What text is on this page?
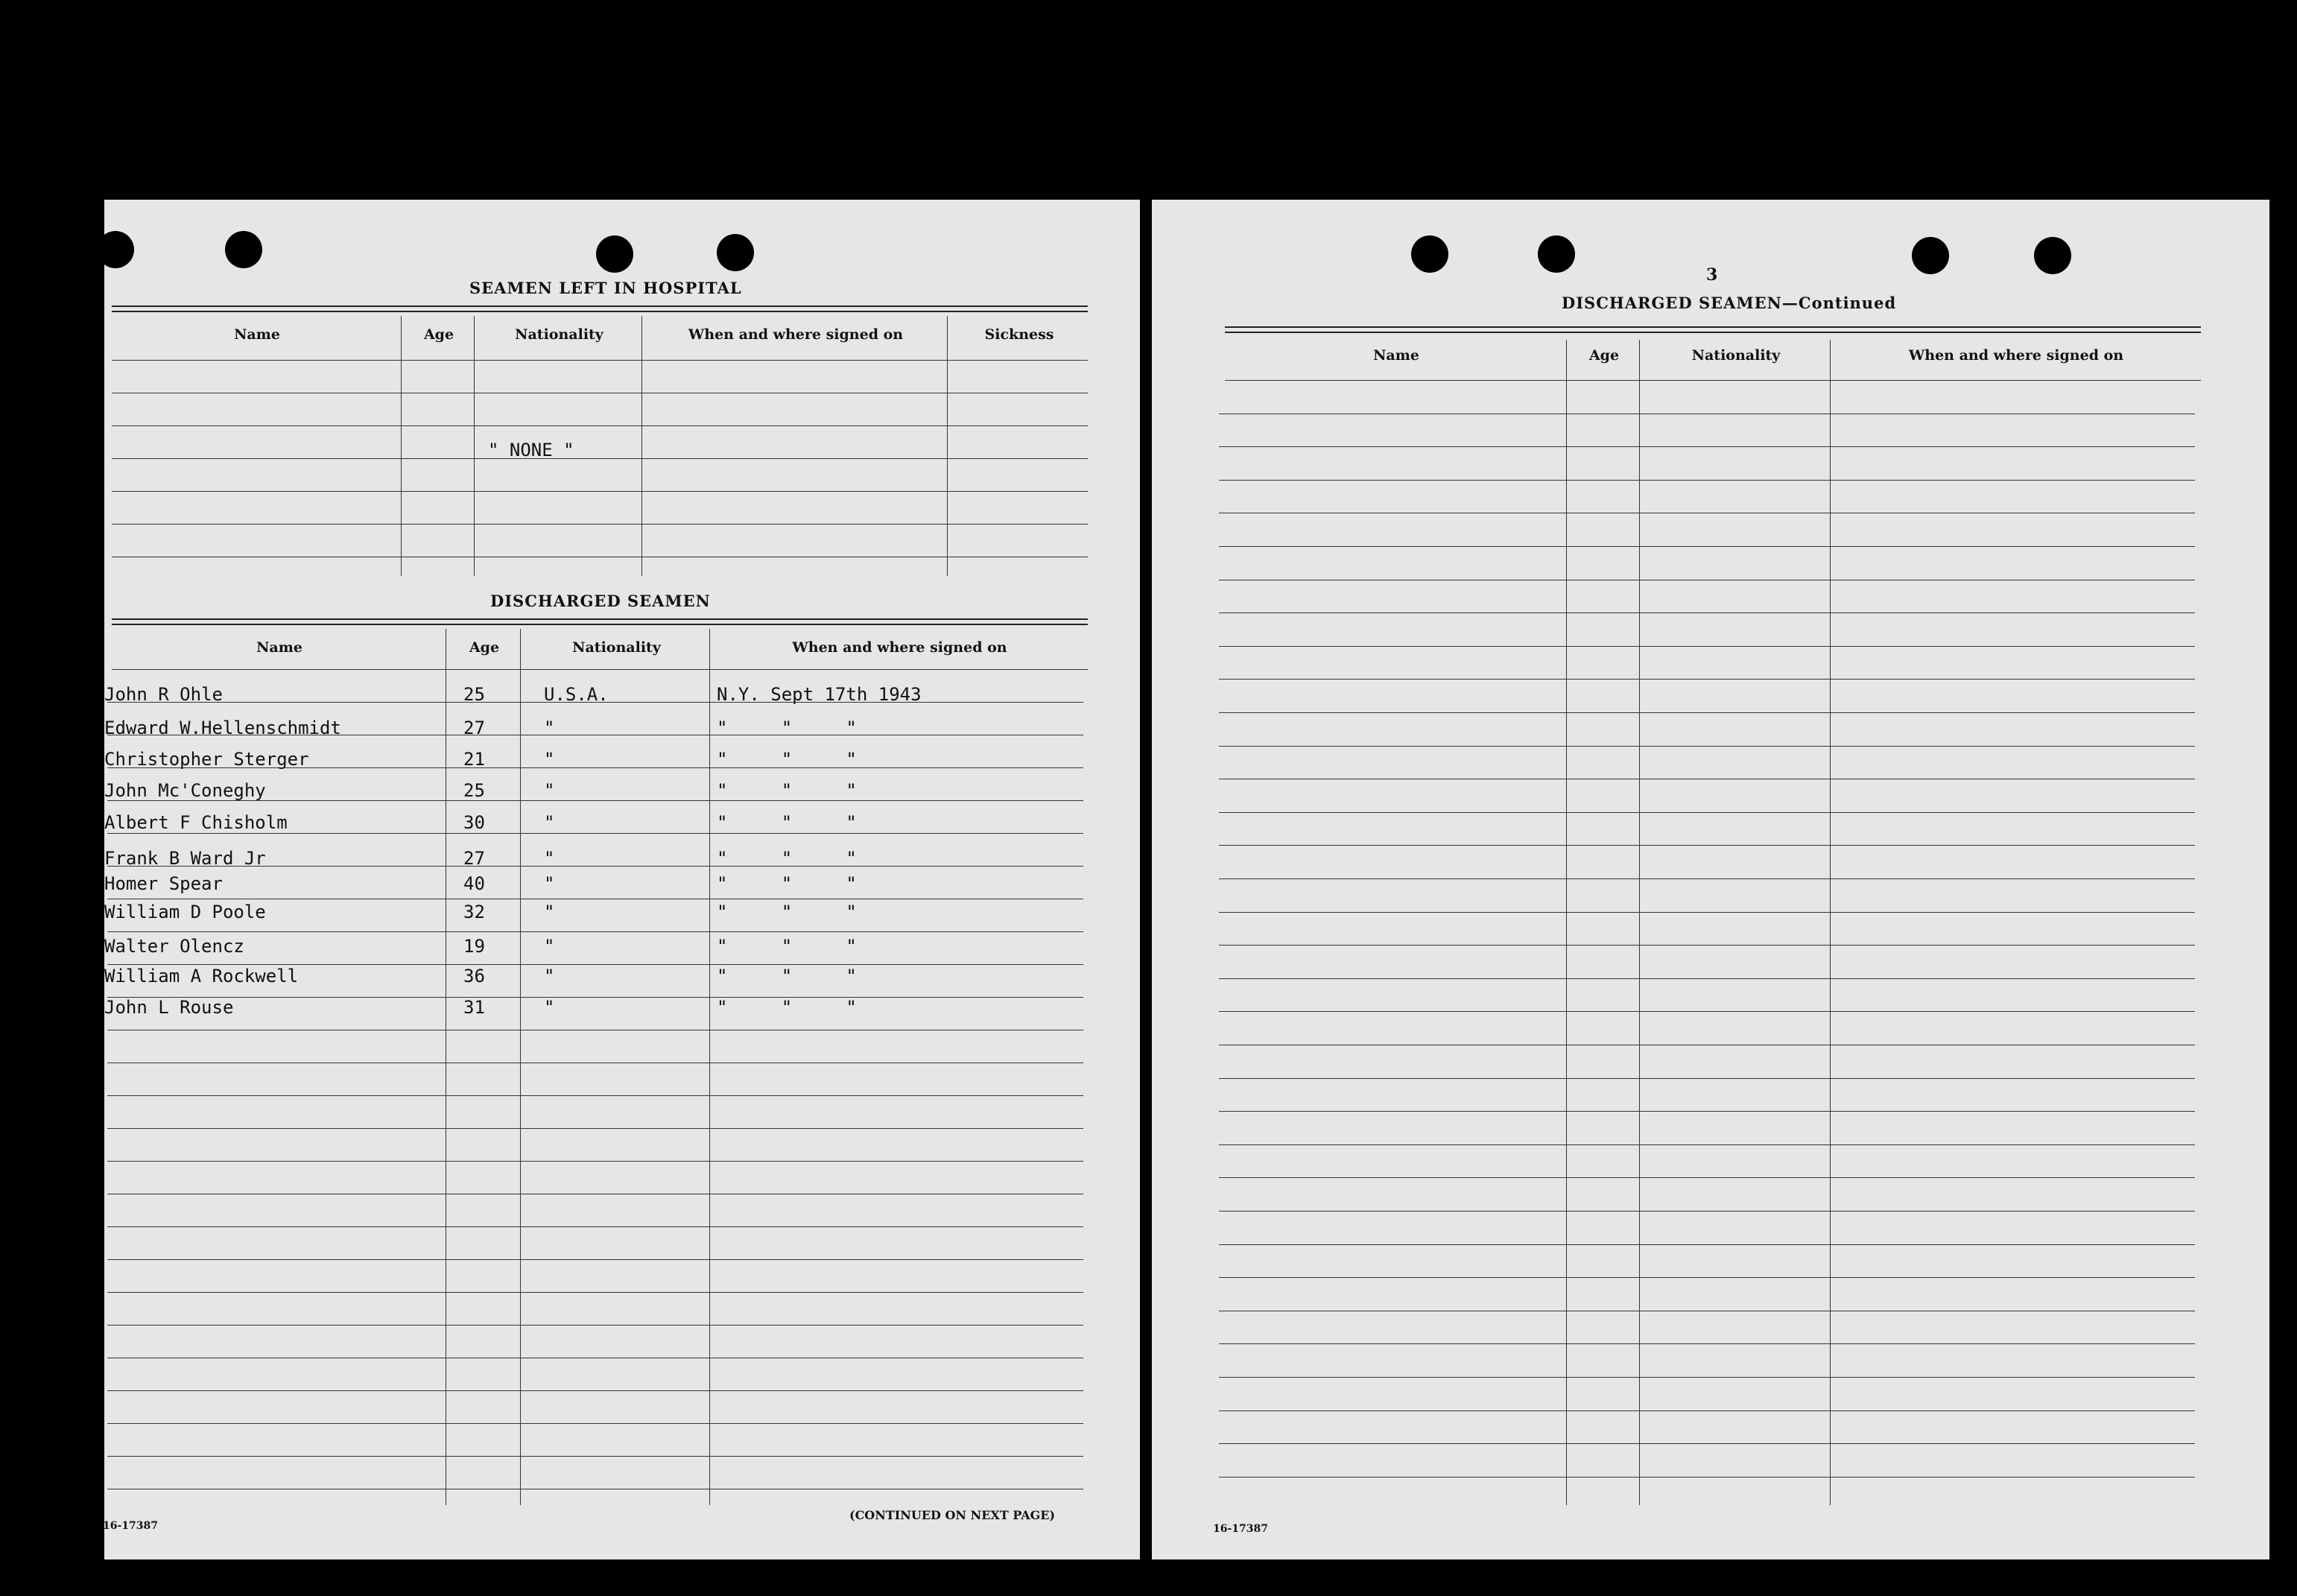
SEAMEN LEFT IN HOSPITAL
Name	Age	Nationality	When and where signed on	Sickness
" NONE "
DISCHARGED SEAMEN
Name	Age	Nationality	When and where signed on
John R Ohle	25	U.S.A.	N.Y. Sept 17th 1943
Edward W.Hellenschmidt	27	"	"     "     "
Christopher Sterger	21	"	"     "     "
John Mc'Coneghy	25	"	"     "     "
Albert F Chisholm	30	"	"     "     "
Frank B Ward Jr	27	"	"     "     "
Homer Spear	40	"	"     "     "
William D Poole	32	"	"     "     "
Walter Olencz	19	"	"     "     "
William A Rockwell	36	"	"     "     "
John L Rouse	31	"	"     "     "
16-17387
(CONTINUED ON NEXT PAGE)
3
DISCHARGED SEAMEN—Continued
Name	Age	Nationality	When and where signed on
16-17387
